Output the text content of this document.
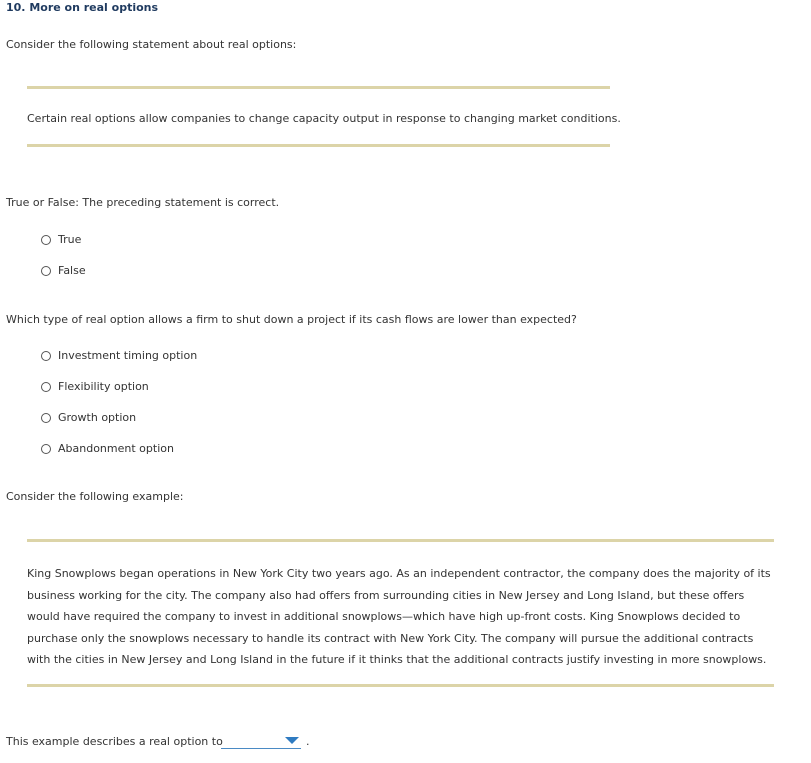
10. More on real options
Consider the following statement about real options:
Certain real options allow companies to change capacity output in response to changing market conditions.
True or False: The preceding statement is correct.
True
False
Which type of real option allows a firm to shut down a project if its cash flows are lower than expected?
Investment timing option
Flexibility option
Growth option
Abandonment option
Consider the following example:
King Snowplows began operations in New York City two years ago. As an independent contractor, the company does the majority of its business working for the city. The company also had offers from surrounding cities in New Jersey and Long Island, but these offers would have required the company to invest in additional snowplows—which have high up-front costs. King Snowplows decided to purchase only the snowplows necessary to handle its contract with New York City. The company will pursue the additional contracts with the cities in New Jersey and Long Island in the future if it thinks that the additional contracts justify investing in more snowplows.
This example describes a real option to	.
